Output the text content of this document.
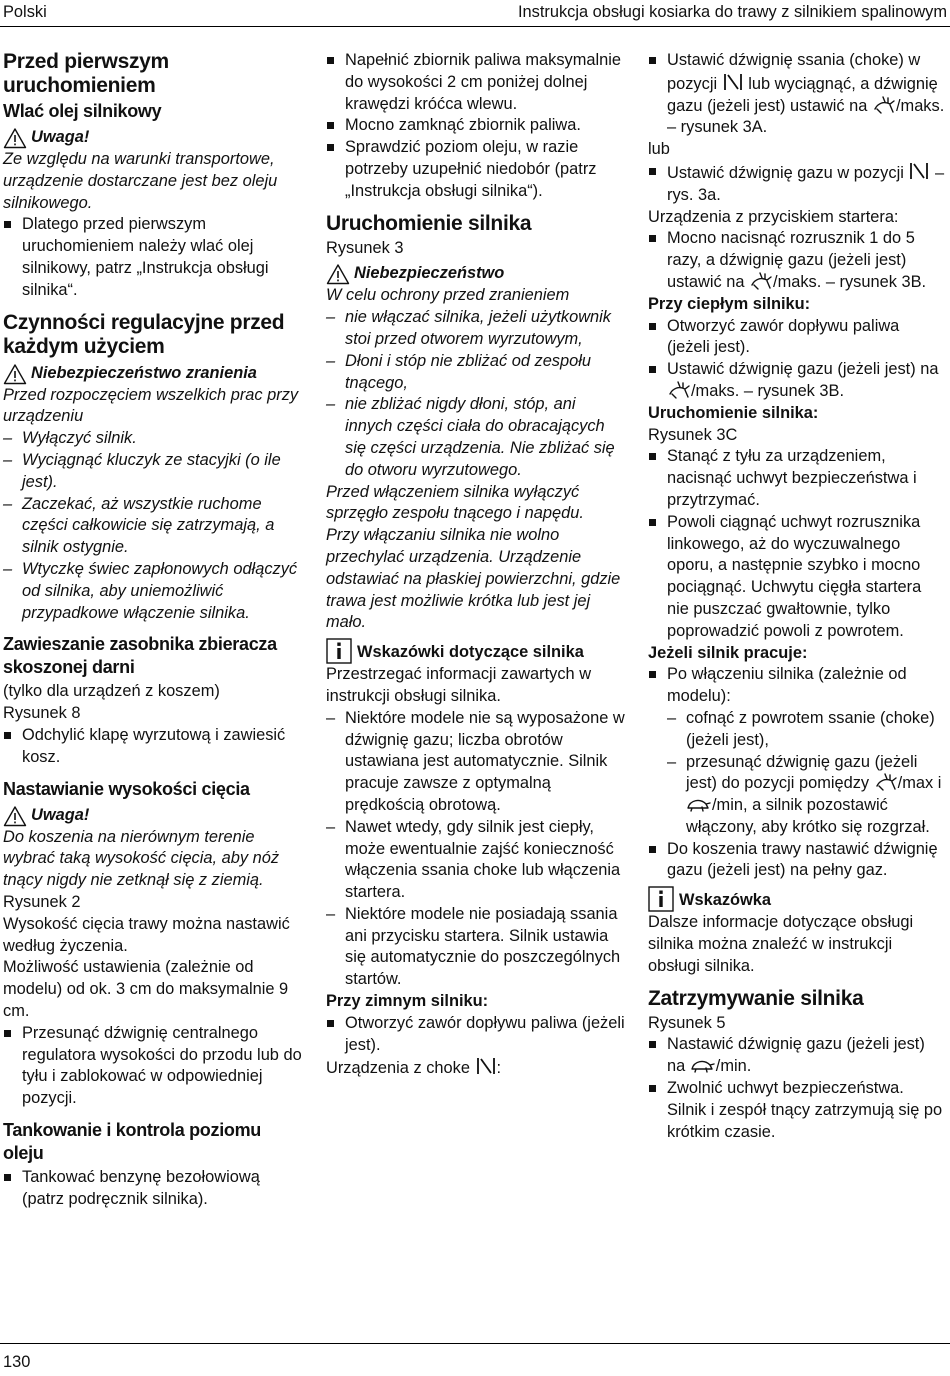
Polski	Instrukcja obsługi kosiarka do trawy z silnikiem spalinowym
Przed pierwszym uruchomieniem
Wlać olej silnikowy
Uwaga!

Ze względu na warunki transportowe, urządzenie dostarczane jest bez oleju silnikowego.

Dlatego przed pierwszym uruchomieniem należy wlać olej silnikowy, patrz „Instrukcja obsługi silnika“.
Czynności regulacyjne przed każdym użyciem
Niebezpieczeństwo zranienia

Przed rozpoczęciem wszelkich prac przy urządzeniu

– Wyłączyć silnik.
– Wyciągnąć kluczyk ze stacyjki (o ile jest).
– Zaczekać, aż wszystkie ruchome części całkowicie się zatrzymają, a silnik ostygnie.
– Wtyczkę świec zapłonowych odłączyć od silnika, aby uniemożliwić przypadkowe włączenie silnika.
Zawieszanie zasobnika zbieracza skoszonej darni

(tylko dla urządzeń z koszem)

Rysunek 8

Odchylić klapę wyrzutową i zawiesić kosz.
Nastawianie wysokości cięcia
Uwaga!

Do koszenia na nierównym terenie wybrać taką wysokość cięcia, aby nóż tnący nigdy nie zetknął się z ziemią.

Rysunek 2

Wysokość cięcia trawy można nastawić według życzenia.

Możliwość ustawienia (zależnie od modelu) od ok. 3 cm do maksymalnie 9 cm.

Przesunąć dźwignię centralnego regulatora wysokości do przodu lub do tyłu i zablokować w odpowiedniej pozycji.
Tankowanie i kontrola poziomu oleju
Tankować benzynę bezołowiową (patrz podręcznik silnika).
Napełnić zbiornik paliwa maksymalnie do wysokości 2 cm poniżej dolnej krawędzi króćca wlewu.
Mocno zamknąć zbiornik paliwa.
Sprawdzić poziom oleju, w razie potrzeby uzupełnić niedobór (patrz „Instrukcja obsługi silnika“).
Uruchomienie silnika

Rysunek 3

Niebezpieczeństwo

W celu ochrony przed zranieniem

– nie włączać silnika, jeżeli użytkownik stoi przed otworem wyrzutowym,
– Dłoni i stóp nie zbliżać od zespołu tnącego,
– nie zbliżać nigdy dłoni, stóp, ani innych części ciała do obracających się części urządzenia. Nie zbliżać się do otworu wyrzutowego.

Przed włączeniem silnika wyłączyć sprzęgło zespołu tnącego i napędu.

Przy włączaniu silnika nie wolno przechylać urządzenia. Urządzenie odstawiać na płaskiej powierzchni, gdzie trawa jest możliwie krótka lub jest jej mało.

Wskazówki dotyczące silnika

Przestrzegać informacji zawartych w instrukcji obsługi silnika.

– Niektóre modele nie są wyposażone w dźwignię gazu; liczba obrotów ustawiana jest automatycznie. Silnik pracuje zawsze z optymalną prędkością obrotową.
– Nawet wtedy, gdy silnik jest ciepły, może ewentualnie zajść konieczność włączenia ssania choke lub włączenia startera.
– Niektóre modele nie posiadają ssania ani przycisku startera. Silnik ustawia się automatycznie do poszczególnych startów.
Przy zimnym silniku:
Otworzyć zawór dopływu paliwa (jeżeli jest).

Urządzenia z choke :

Ustawić dźwignię ssania (choke) w pozycji lub wyciągnąć, a dźwignię gazu (jeżeli jest) ustawić na /maks. – rysunek 3A.

lub

Ustawić dźwignię gazu w pozycji – rys. 3a.

Urządzenia z przyciskiem startera:

Mocno nacisnąć rozrusznik 1 do 5 razy, a dźwignię gazu (jeżeli jest) ustawić na /maks. – rysunek 3B.
Przy ciepłym silniku:
Otworzyć zawór dopływu paliwa (jeżeli jest).
Ustawić dźwignię gazu (jeżeli jest) na /maks. – rysunek 3B.
Uruchomienie silnika:

Rysunek 3C

Stanąć z tyłu za urządzeniem, nacisnąć uchwyt bezpieczeństwa i przytrzymać.
Powoli ciągnąć uchwyt rozrusznika linkowego, aż do wyczuwalnego oporu, a następnie szybko i mocno pociągnąć. Uchwytu cięgła startera nie puszczać gwałtownie, tylko poprowadzić powoli z powrotem.
Jeżeli silnik pracuje:
Po włączeniu silnika (zależnie od modelu):
– cofnąć z powrotem ssanie (choke) (jeżeli jest),
– przesunąć dźwignię gazu (jeżeli jest) do pozycji pomiędzy /max i /min, a silnik pozostawić włączony, aby krótko się rozgrzał.
Do koszenia trawy nastawić dźwignię gazu (jeżeli jest) na pełny gaz.
Wskazówka

Dalsze informacje dotyczące obsługi silnika można znaleźć w instrukcji obsługi silnika.

Zatrzymywanie silnika

Rysunek 5

Nastawić dźwignię gazu (jeżeli jest) na /min.
Zwolnić uchwyt bezpieczeństwa. Silnik i zespół tnący zatrzymują się po krótkim czasie.
130
